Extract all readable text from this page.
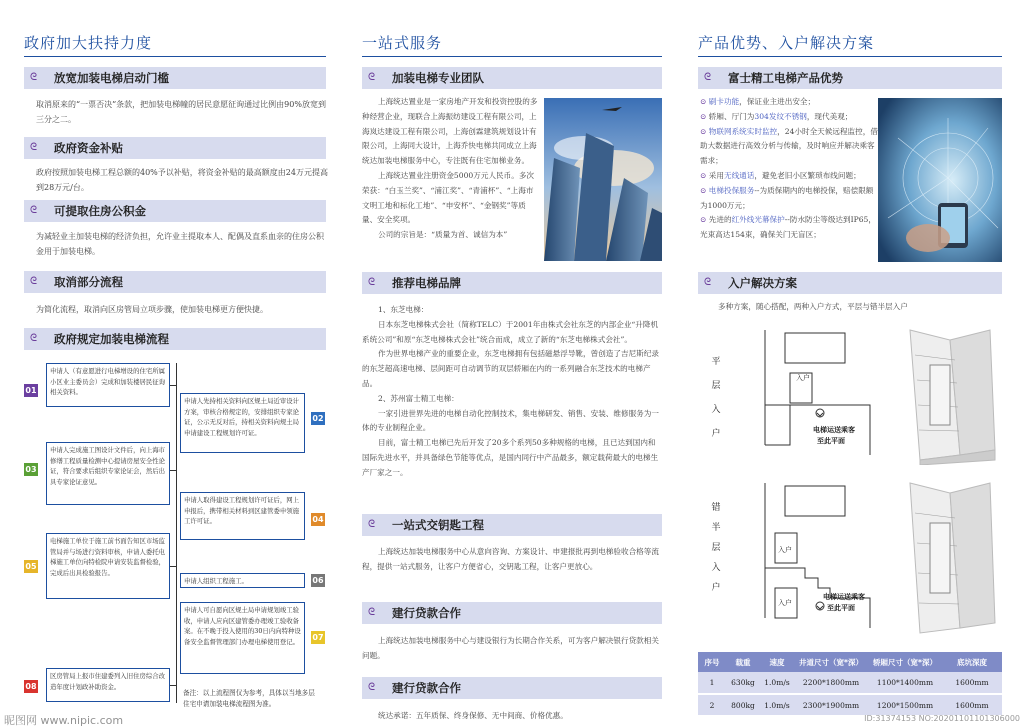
政府加大扶持力度
ᘓ	放宽加装电梯启动门槛
取消原来的“一票否决”条款，把加装电梯幢的居民意愿征询通过比例由90%放宽到三分之二。
ᘓ	政府资金补贴
政府按照加装电梯工程总额的40%予以补贴，将资金补贴的最高额度由24万元提高到28万元/台。
ᘓ	可提取住房公积金
为减轻业主加装电梯的经济负担，允许业主提取本人、配偶及直系血亲的住房公积金用于加装电梯。
ᘓ	取消部分流程
为简化流程，取消向区房管局立项步骤，使加装电梯更方便快捷。
ᘓ	政府规定加装电梯流程
申请人（有意愿进行电梯增设的住宅所属小区业主委员会）完成和加装楼居民征询相关资料。
01
申请人先持相关资料向区规土局近审设计方案，审核合格规定的，安排组织专家论证，公示无反对后，持相关资料向规土局申请建设工程规划许可证。
02
申请人完成施工图设计文件后，向上海市修缮工程质量检测中心提请房屋安全性论证，符合要求后组织专家论证会，然后出具专家论证意见。
03
申请人取得建设工程规划许可证后，网上申报后，携带相关材料到区建管委申领施工许可证。	04
电梯施工单位于施工前书面告知区市场监管局并与场进行资料审核，申请人委托电梯施工单位向特检院申请安装监督检验，完成后出具检验报告。
05
申请人组织工程施工。	06
申请人可自愿向区规土局申请规划竣工验收，申请人应向区建管委办理竣工验收备案。在不晚于投入使用的30日内向特种设备安全监督管理部门办理电梯使用登记。	07
区房管局上报市住建委列入旧住房综合改造年度计划政补助资金。
08
备注：以上流程图仅为参考，具体以当地多层住宅申请加装电梯流程图为准。
一站式服务
ᘓ	加装电梯专业团队

上海统达置业是一家房地产开发和投资控股的多种经营企业，现联合上海振纺建设工程有限公司，上海岚达建设工程有限公司，上海创霖建筑规划设计有限公司，上海同大设计，上海乔快电梯共同成立上海统达加装电梯服务中心，专注既有住宅加梯业务。

上海统达置业注册资金5000万元人民币。多次荣获：“白玉兰奖”、“浦江奖”、“青浦杯”、“上海市文明工地和标化工地”、“申安杯”、“金钢奖”等质量、安全奖项。

公司的宗旨是：“质量为首、诚信为本”

ᘓ	推荐电梯品牌

1、东芝电梯：

日本东芝电梯株式会社（简称TELC）于2001年由株式会社东芝的内部企业“升降机系统公司”和原“东芝电梯株式会社”统合而成，成立了新的“东芝电梯株式会社”。

作为世界电梯产业的重要企业，东芝电梯拥有包括磁悬浮导靴，曾创造了吉尼斯纪录的东芝超高速电梯、层间距可自动调节的双层轿厢在内的一系列融合东芝技术的电梯产品。

2、苏州富士精工电梯：

一家引进世界先进的电梯自动化控制技术，集电梯研发、销售、安装、维修服务为一体的专业制程企业。

目前，富士精工电梯已先后开发了20多个系列50多种规格的电梯，且已达到国内和国际先进水平，并具备绿色节能等优点，是国内同行中产品最多，额定载荷最大的电梯生产厂家之一。

ᘓ	一站式交钥匙工程

上海统达加装电梯服务中心从意向咨询、方案设计、申建报批再到电梯验收合格等流程，提供一站式服务，让客户方便省心，交钥匙工程，让客户更放心。

ᘓ	建行贷款合作

上海统达加装电梯服务中心与建设银行为长期合作关系，可为客户解决银行贷款相关问题。

ᘓ	建行贷款合作

统达承诺：五年质保、终身保修、无中间商、价格优惠。

产品优势、入户解决方案
ᘓ	富士精工电梯产品优势
⊙ 刷卡功能，保证业主进出安全；
⊙ 轿厢、厅门为304发纹不锈钢，现代美观；
⊙ 物联网系统实时监控，24小时全天候远程监控，借助大数据进行高效分析与传输，及时响应并解决乘客需求；
⊙ 采用无线通话，避免老旧小区繁琐布线问题；
⊙ 电梯投保服务--为质保期内的电梯投保，赔偿限额为1000万元；
⊙ 先进的红外线光幕保护--防水防尘等级达到IP65，光束高达154束，确保关门无盲区；
ᘓ	入户解决方案
多种方案，随心搭配，两种入户方式，平层与错半层入户
平层入户
入户
电梯运送乘客
至此平面
错半层入户
入户
入户
电梯运送乘客
至此平面
序号	载重	速度	井道尺寸（宽*深）	轿厢尺寸（宽*深）	底坑深度
1	630kg	1.0m/s	2200*1800mm	1100*1400mm	1600mm
2	800kg	1.0m/s	2300*1900mm	1200*1500mm	1600mm
昵图网 www.nipic.com	ID:31374153 NO:20201101101306000
